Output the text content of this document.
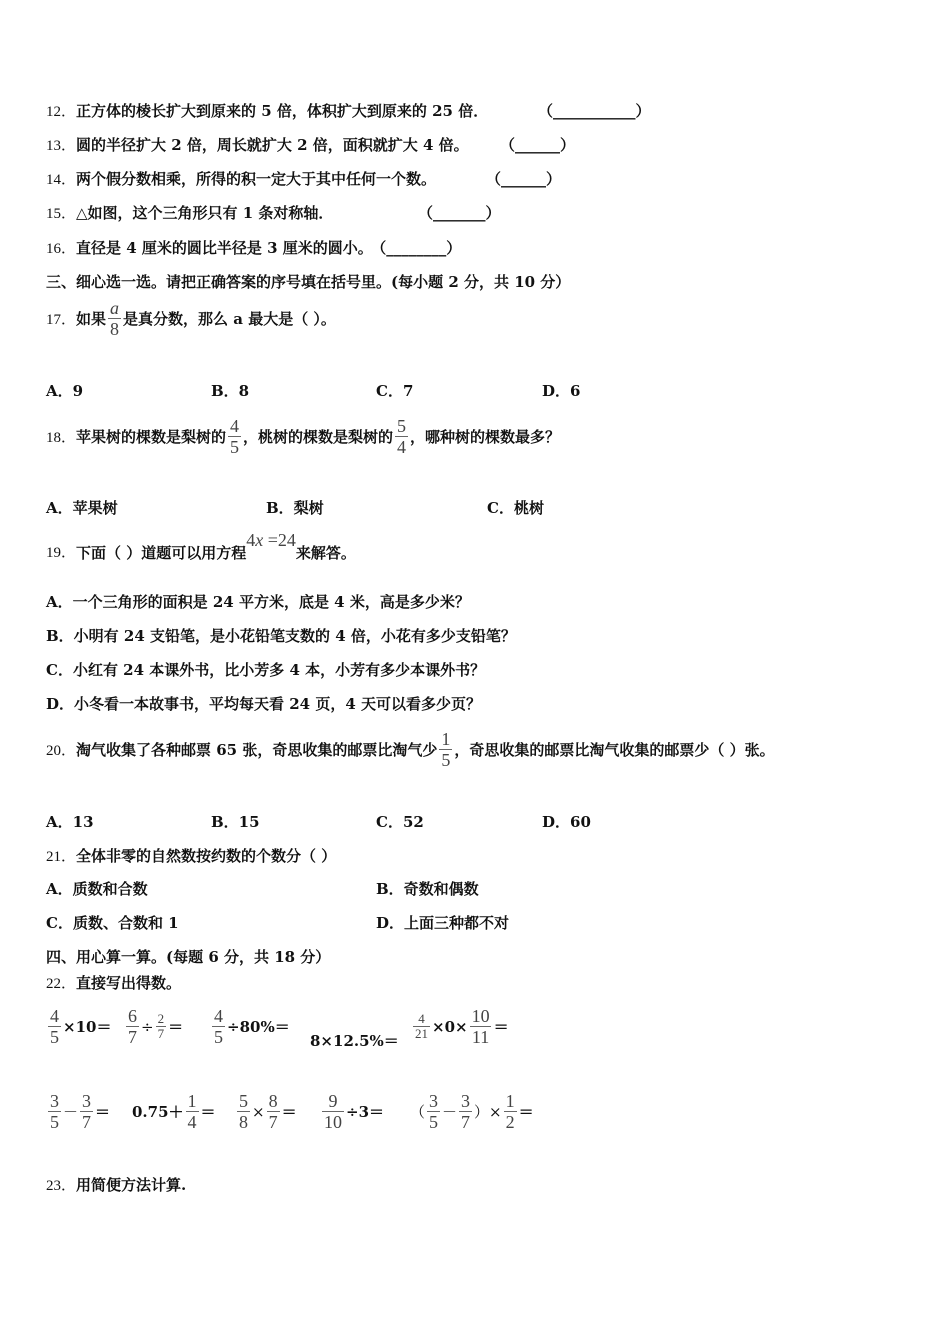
12．正方体的棱长扩大到原来的 5 倍，体积扩大到原来的 25 倍．	（___________）
13．圆的半径扩大 2 倍，周长就扩大 2 倍，面积就扩大 4 倍。 （______）
14．两个假分数相乘，所得的积一定大于其中任何一个数。	（______）
15．△如图，这个三角形只有 1 条对称轴．	（_______）
16．直径是 4 厘米的圆比半径是 3 厘米的圆小。 （________）
三、细心选一选。请把正确答案的序号填在括号里。(每小题 2 分，共 10 分）
17． 如果 $\frac{a}{8}$ 是真分数，那么 a 最大是（ ）。
A．9	B．8	C．7	D．6
18． 苹果树的棵数是梨树的 $\frac{4}{5}$ ，桃树的棵数是梨树的 $\frac{5}{4}$ ，哪种树的棵数最多？
A．苹果树	B．梨树	C．桃树
19． 下面（ ）道题可以用方程
4x =24
来解答。
A．一个三角形的面积是 24 平方米，底是 4 米，高是多少米？
B．小明有 24 支铅笔，是小花铅笔支数的 4 倍，小花有多少支铅笔？
C．小红有 24 本课外书，比小芳多 4 本，小芳有多少本课外书？
D．小冬看一本故事书，平均每天看 24 页，4 天可以看多少页？
20． 淘气收集了各种邮票 65 张，奇思收集的邮票比淘气少 $\frac{1}{5}$ ，奇思收集的邮票比淘气收集的邮票少（ ）张。
A．13	B．15	C．52	D．60
21．全体非零的自然数按约数的个数分（ ）
A．质数和合数	B．奇数和偶数
C．质数、合数和 1	D．上面三种都不对
四、用心算一算。(每题 6 分，共 18 分）
22．直接写出得数。
$\frac{4}{5} \times 10= \frac{6}{7} \div \frac{2}{7} = \frac{4}{5} \div 80\%=$
$8\times 12.5\%= \frac{4}{21} \times 0\times \frac{10}{11}$ ＝
$\frac{3}{5} - \frac{3}{7} = 0.75+ \frac{1}{4} = \frac{5}{8} \times \frac{8}{7} = \frac{9}{10} \div 3=$ （ $\frac{3}{5} - \frac{3}{7}$ ）× $\frac{1}{2}$ ＝
23．用简便方法计算.
